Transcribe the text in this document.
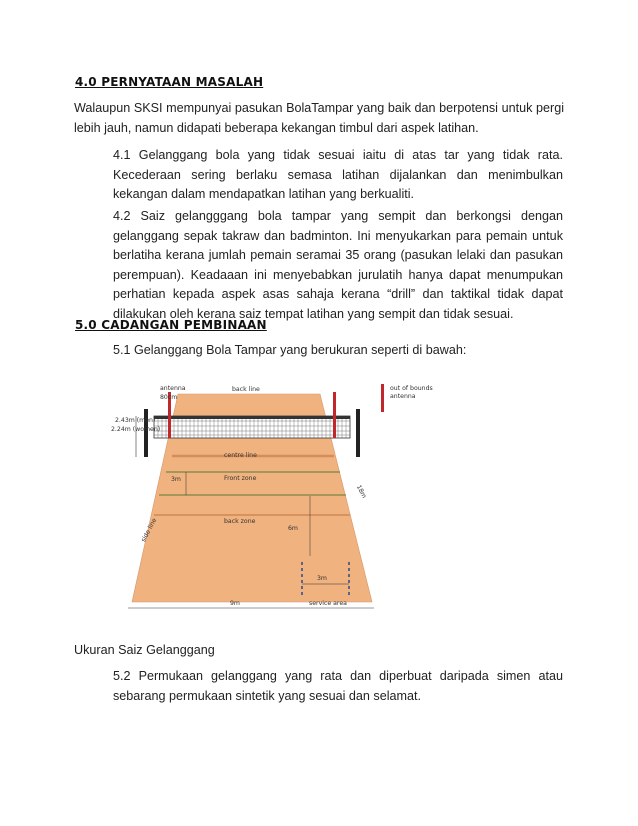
4.0 PERNYATAAN MASALAH
Walaupun SKSI mempunyai pasukan BolaTampar yang baik dan berpotensi untuk pergi lebih jauh, namun didapati beberapa kekangan timbul dari aspek latihan.
4.1 Gelanggang bola yang tidak sesuai iaitu di atas tar yang tidak rata. Kecederaan sering berlaku semasa latihan dijalankan dan menimbulkan kekangan dalam mendapatkan latihan yang berkualiti.
4.2 Saiz gelangggang bola tampar yang sempit dan berkongsi dengan gelanggang sepak takraw dan badminton. Ini menyukarkan para pemain untuk berlatiha kerana jumlah pemain seramai 35 orang (pasukan lelaki dan pasukan perempuan). Keadaaan ini menyebabkan jurulatih hanya dapat menumpukan perhatian kepada aspek asas sahaja kerana “drill” dan taktikal tidak dapat dilakukan oleh kerana saiz tempat latihan yang sempit dan tidak sesuai.
5.0 CADANGAN PEMBINAAN
5.1 Gelanggang Bola Tampar yang berukuran seperti di bawah:
antenna
80cm
back line	out of bounds antenna
2.43m (men)
2.24m (women)
centre line
Front zone
3m
back zone
6m
18m
side line
3m
9m	service area
Ukuran Saiz Gelanggang
5.2 Permukaan gelanggang yang rata dan diperbuat daripada simen atau sebarang permukaan sintetik yang sesuai dan selamat.
